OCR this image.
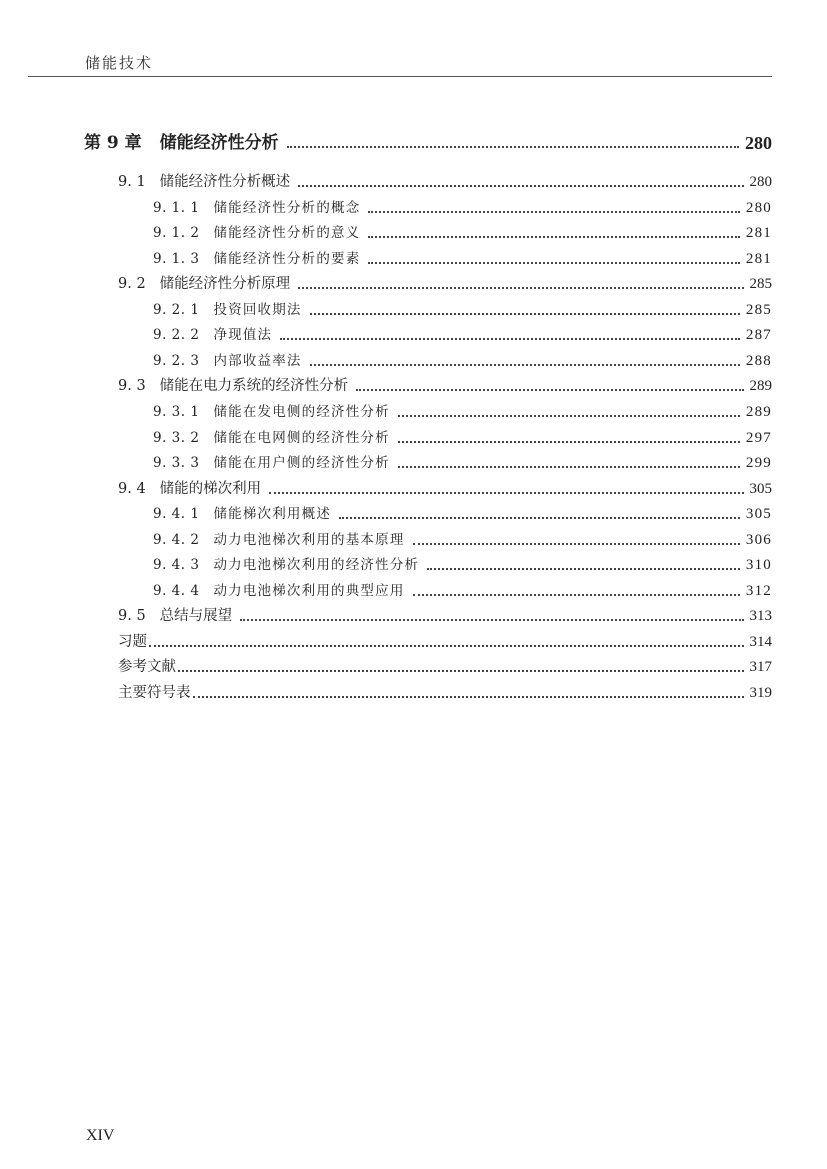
储能技术
第 9 章 储能经济性分析	280
9. 1 储能经济性分析概述	280
9. 1. 1 储能经济性分析的概念	280
9. 1. 2 储能经济性分析的意义	281
9. 1. 3 储能经济性分析的要素	281
9. 2 储能经济性分析原理	285
9. 2. 1 投资回收期法	285
9. 2. 2 净现值法	287
9. 2. 3 内部收益率法	288
9. 3 储能在电力系统的经济性分析	289
9. 3. 1 储能在发电侧的经济性分析	289
9. 3. 2 储能在电网侧的经济性分析	297
9. 3. 3 储能在用户侧的经济性分析	299
9. 4 储能的梯次利用	305
9. 4. 1 储能梯次利用概述	305
9. 4. 2 动力电池梯次利用的基本原理	306
9. 4. 3 动力电池梯次利用的经济性分析	310
9. 4. 4 动力电池梯次利用的典型应用	312
9. 5 总结与展望	313
习题	314
参考文献	317
主要符号表	319
XIV
